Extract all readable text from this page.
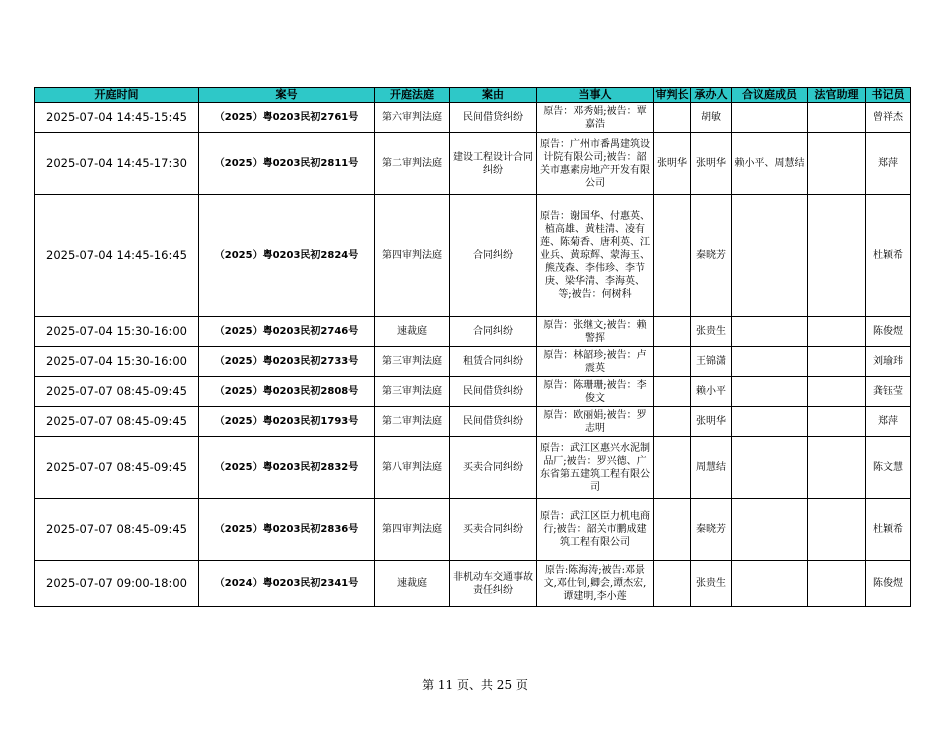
开庭时间	案号	开庭法庭	案由	当事人	审判长	承办人	合议庭成员	法官助理	书记员
2025-07-04 14:45-15:45	（2025）粤0203民初2761号	第六审判法庭	民间借贷纠纷	原告：邓秀娟;被告：覃嘉浩		胡敏			曾祥杰
2025-07-04 14:45-17:30	（2025）粤0203民初2811号	第二审判法庭	建设工程设计合同纠纷	原告：广州市番禺建筑设计院有限公司;被告：韶关市惠素房地产开发有限公司	张明华	张明华	赖小平、周慧结		郑萍
2025-07-04 14:45-16:45	（2025）粤0203民初2824号	第四审判法庭	合同纠纷	原告：谢国华、付惠英、植高雄、黄桂清、凌有莲、陈菊香、唐利英、江业兵、黄琼辉、蒙海玉、熊茂森、李伟珍、李节庚、梁华清、李海英、等;被告：何树科		秦晓芳			杜颖希
2025-07-04 15:30-16:00	（2025）粤0203民初2746号	速裁庭	合同纠纷	原告：张继文;被告：赖警挥		张贵生			陈俊煜
2025-07-04 15:30-16:00	（2025）粤0203民初2733号	第三审判法庭	租赁合同纠纷	原告：林韶珍;被告：卢震英		王锦潇			刘瑜玮
2025-07-07 08:45-09:45	（2025）粤0203民初2808号	第三审判法庭	民间借贷纠纷	原告：陈珊珊;被告：李俊文		赖小平			龚钰莹
2025-07-07 08:45-09:45	（2025）粤0203民初1793号	第二审判法庭	民间借贷纠纷	原告：欧丽娟;被告：罗志明		张明华			郑萍
2025-07-07 08:45-09:45	（2025）粤0203民初2832号	第八审判法庭	买卖合同纠纷	原告：武江区惠兴水泥制品厂;被告：罗兴德、广东省第五建筑工程有限公司		周慧结			陈文慧
2025-07-07 08:45-09:45	（2025）粤0203民初2836号	第四审判法庭	买卖合同纠纷	原告：武江区臣力机电商行;被告：韶关市鹏成建筑工程有限公司		秦晓芳			杜颖希
2025-07-07 09:00-18:00	（2024）粤0203民初2341号	速裁庭	非机动车交通事故责任纠纷	原告:陈海涛;被告:邓景文,邓仕钊,卿会,谭杰宏,谭建明,李小莲		张贵生			陈俊煜
第 11 页、共 25 页
